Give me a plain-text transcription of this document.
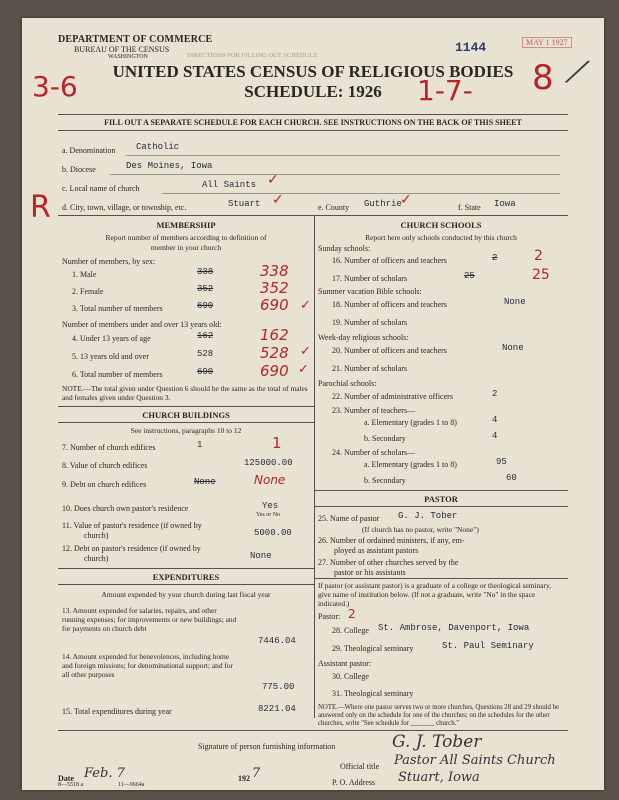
DEPARTMENT OF COMMERCE
BUREAU OF THE CENSUS
WASHINGTON
1144	MAY 1 1927
DIRECTIONS FOR FILLING OUT SCHEDULE
UNITED STATES CENSUS OF RELIGIOUS BODIES
SCHEDULE: 1926
3-6	1-7- 8 ╱
R
FILL OUT A SEPARATE SCHEDULE FOR EACH CHURCH. SEE INSTRUCTIONS ON THE BACK OF THIS SHEET
a. Denomination Catholic
b. Diocese	Des Moines, Iowa
c. Local name of church	All Saints ✓
d. City, town, village, or township, etc.	Stuart ✓	e. County Guthrie
✓	f. State Iowa
MEMBERSHIP
Report number of members according to definition of
member in your church
Number of members, by sex:
1. Male	338	338
2. Female	352	352
3. Total number of members	690	690 ✓
Number of members under and over 13 years old:
4. Under 13 years of age	162	162
5. 13 years old and over	528	528 ✓
6. Total number of members	690	690 ✓
NOTE.—The total given under Question 6 should be the same as the total of males and females given under Question 3.
CHURCH BUILDINGS
See instructions, paragraphs 10 to 12
7. Number of church edifices	1	1
8. Value of church edifices	125000.00
9. Debt on church edifices	None	None
10. Does church own pastor's residence	Yes
Yes or No
11. Value of pastor's residence (if owned by
church)	5000.00
12. Debt on pastor's residence (if owned by
church)	None
EXPENDITURES
Amount expended by your church during last fiscal year
13. Amount expended for salaries, repairs, and other running expenses; for improvements or new buildings; and for payments on church debt
7446.04
14. Amount expended for benevolences, including home and foreign missions; for denominational support; and for all other purposes
775.00
15. Total expenditures during year	8221.04
CHURCH SCHOOLS
Report here only schools conducted by this church
Sunday schools:
16. Number of officers and teachers	2	2
17. Number of scholars	25	25
Summer vacation Bible schools:
18. Number of officers and teachers	None
19. Number of scholars
Week-day religious schools:
20. Number of officers and teachers	None
21. Number of scholars
Parochial schools:
22. Number of administrative officers	2
23. Number of teachers—
a. Elementary (grades 1 to 8)	4
b. Secondary	4
24. Number of scholars—
a. Elementary (grades 1 to 8)	95
b. Secondary	60
PASTOR
25. Name of pastor G. J. Tober
(If church has no pastor, write "None")
26. Number of ordained ministers, if any, em-
ployed as assistant pastors
27. Number of other churches served by the
pastor or his assistants
If pastor (or assistant pastor) is a graduate of a college or theological seminary, give name of institution below. (If not a graduate, write "No" in the space indicated.)
Pastor: 2
28. College St. Ambrose, Davenport, Iowa
29. Theological seminary	St. Paul Seminary
Assistant pastor:
30. College
31. Theological seminary
NOTE.—Where one pastor serves two or more churches, Questions 28 and 29 should be answered only on the schedule for one of the churches; on the schedules for the other churches, write "See schedule for _______ church."
Signature of person furnishing information	G. J. Tober
Official title Pastor All Saints Church
Date Feb. 7	192 7
P. O. Address Stuart, Iowa
8—5518 a	11—9664a
